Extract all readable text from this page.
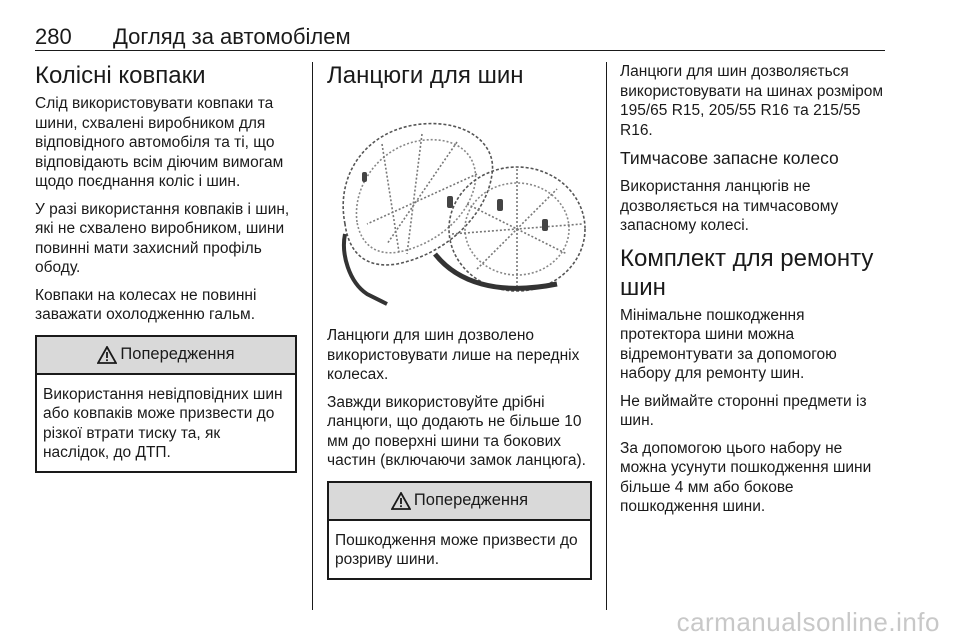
280 Догляд за автомобілем
Колісні ковпаки

Слід використовувати ковпаки та шини, схвалені виробником для відповідного автомобіля та ті, що відповідають всім діючим вимогам щодо поєднання коліс і шин.

У разі використання ковпаків і шин, які не схвалено виробником, шини повинні мати захисний профіль ободу.

Ковпаки на колесах не повинні заважати охолодженню гальм.

Попередження

Використання невідповідних шин або ковпаків може призвести до різкої втрати тиску та, як наслідок, до ДТП.

Ланцюги для шин

Ланцюги для шин дозволено використовувати лише на передніх колесах.

Завжди використовуйте дрібні ланцюги, що додають не більше 10 мм до поверхні шини та бокових частин (включаючи замок ланцюга).

Попередження

Пошкодження може призвести до розриву шини.

Ланцюги для шин дозволяється використовувати на шинах розміром 195/65 R15, 205/55 R16 та 215/55 R16.

Тимчасове запасне колесо

Використання ланцюгів не дозволяється на тимчасовому запасному колесі.

Комплект для ремонту шин

Мінімальне пошкодження протектора шини можна відремонтувати за допомогою набору для ремонту шин.

Не виймайте сторонні предмети із шин.

За допомогою цього набору не можна усунути пошкодження шини більше 4 мм або бокове пошкодження шини.

carmanualsonline.info
